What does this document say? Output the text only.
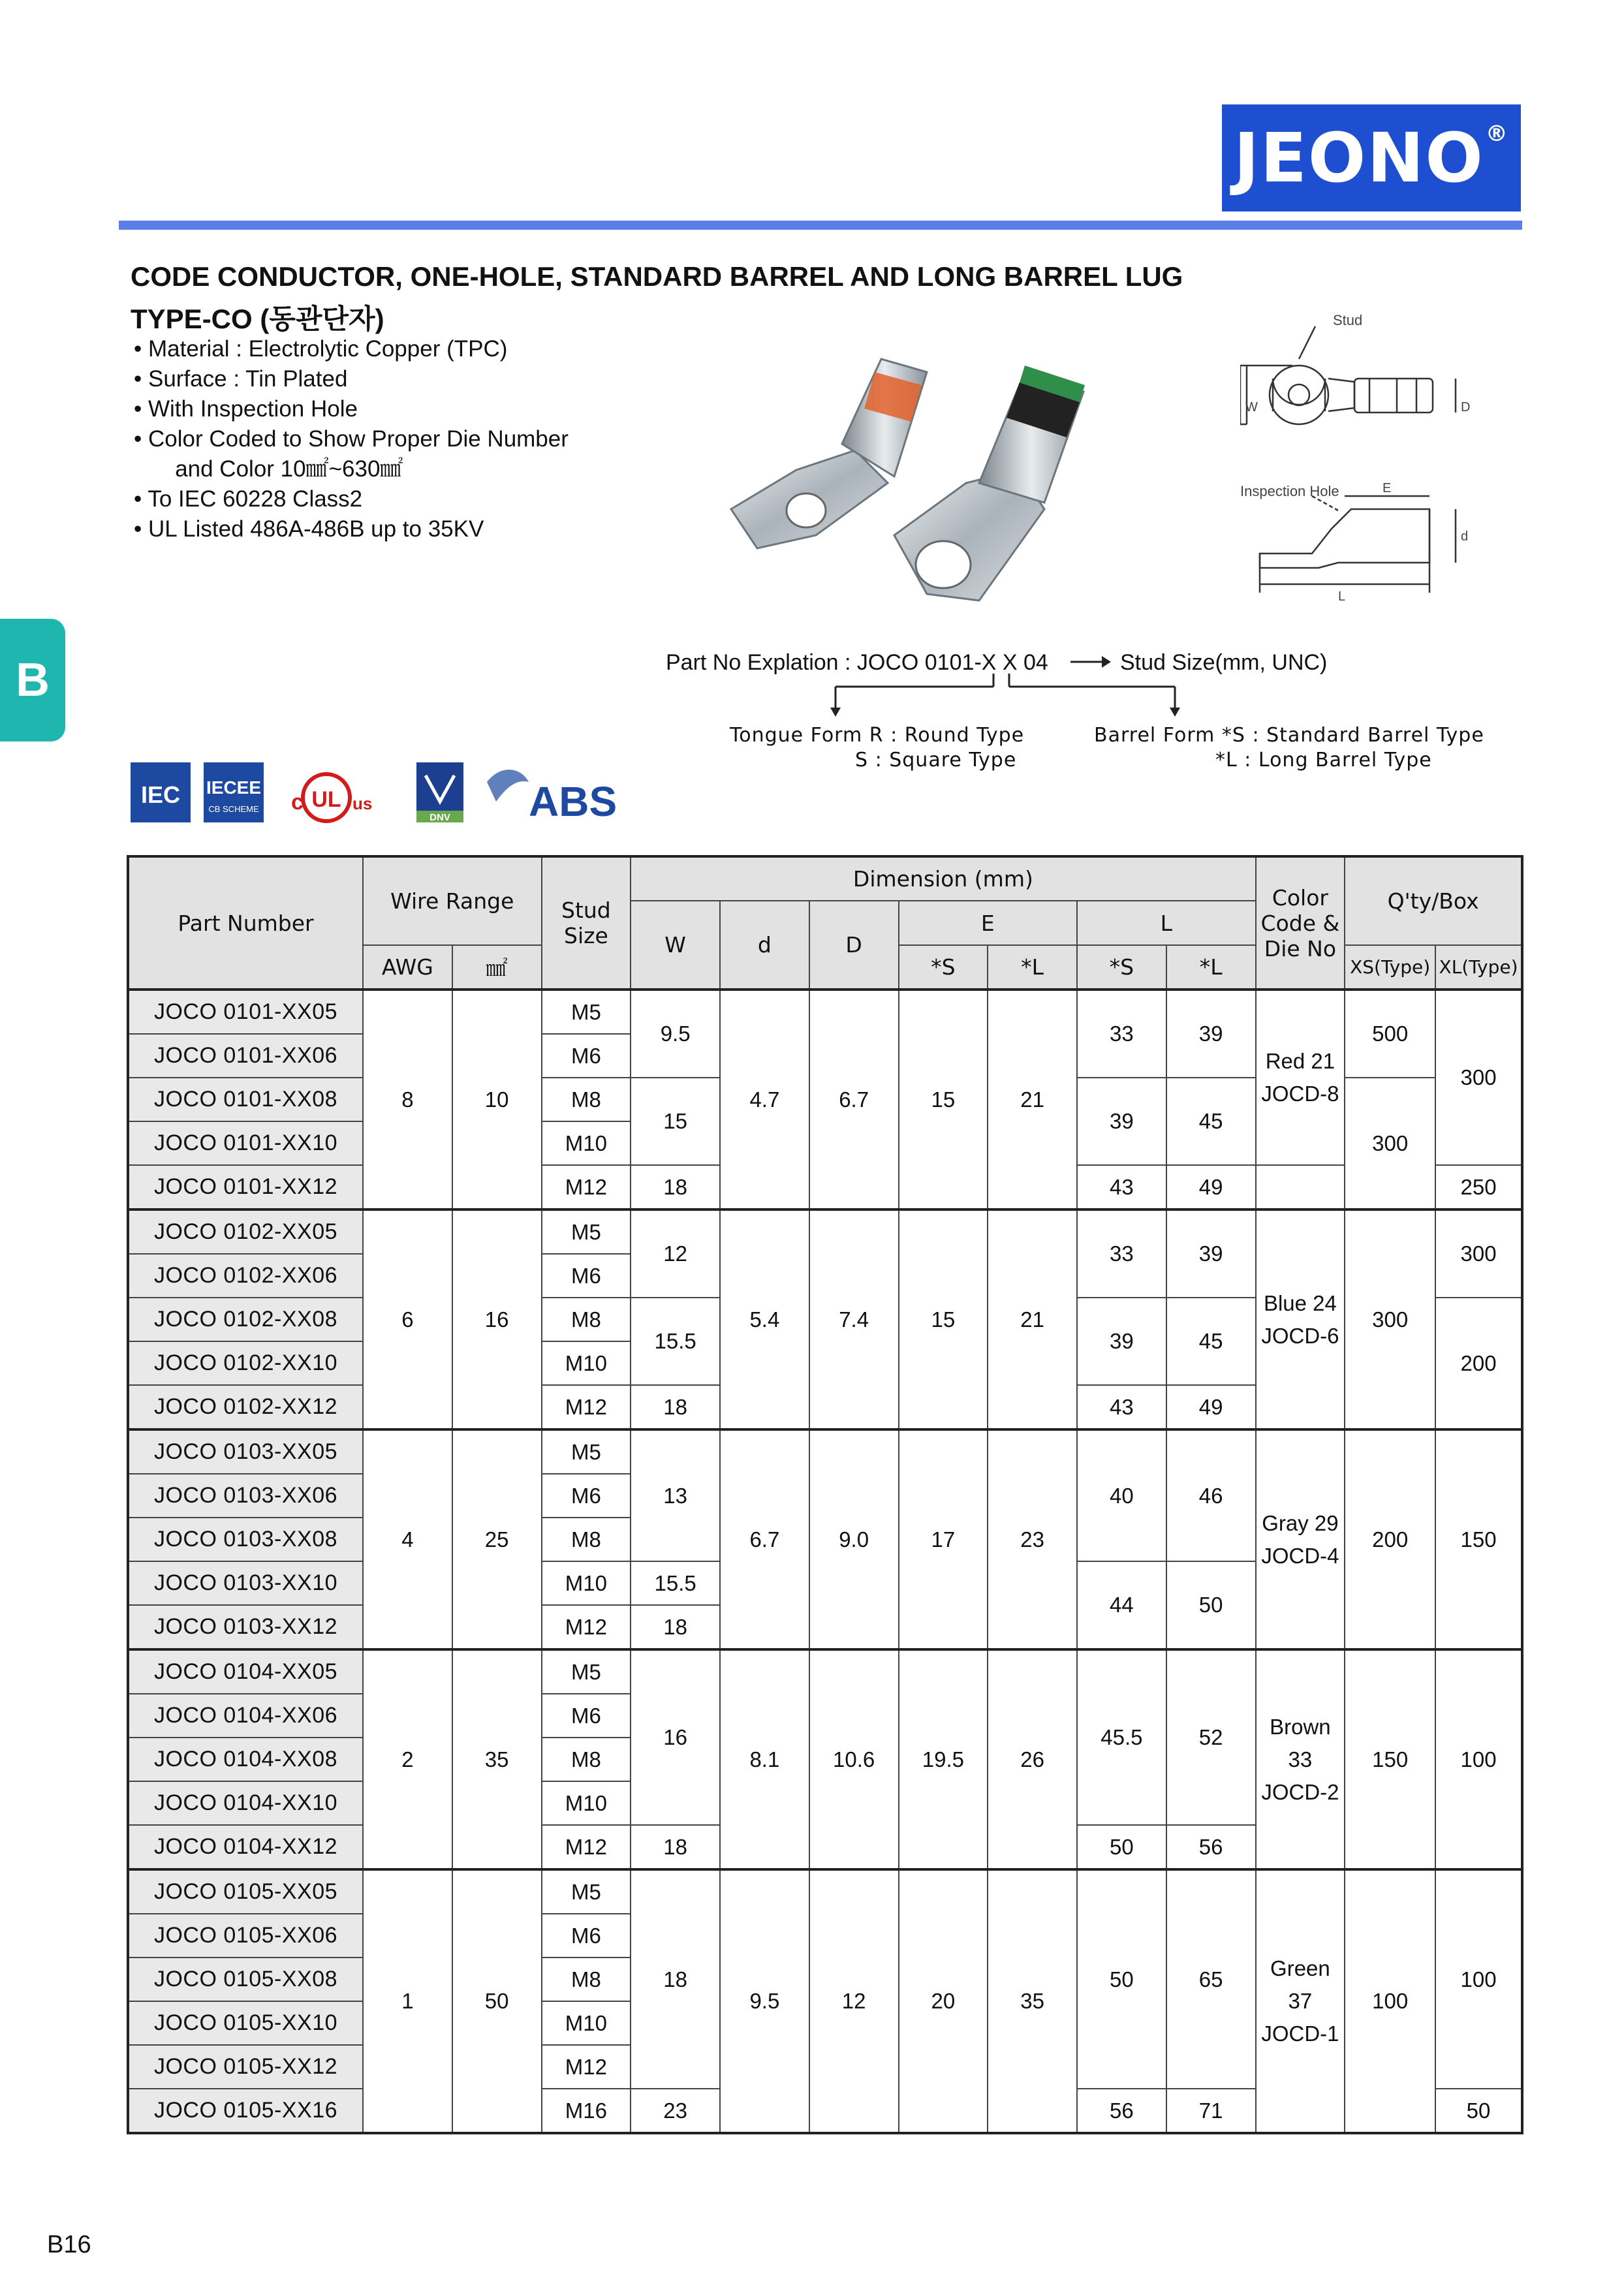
JEONO®
B
CODE CONDUCTOR, ONE-HOLE, STANDARD BARREL AND LONG BARREL LUG
TYPE-CO (동관단자)
• Material : Electrolytic Copper (TPC)
• Surface : Tin Plated
• With Inspection Hole
• Color Coded to Show Proper Die Number
and Color 10㎟~630㎟
• To IEC 60228 Class2
• UL Listed 486A-486B up to 35KV
Stud
W	D
Inspection Hole	E
d
L
Part No Explation : JOCO 0101-X X 04	Stud Size(mm, UNC)
Tongue Form R : Round Type
S : Square Type
Barrel Form *S : Standard Barrel Type
*L : Long Barrel Type
IEC IECEE
CB SCHEME c UL us
DNV ABS
Part Number	Wire Range		Stud Size	Dimension (mm)							Color Code & Die No	Q'ty/Box	
				W	d	D	E		L				
	AWG	㎟					*S	*L	*S	*L		XS(Type)	XL(Type)
JOCO 0101-XX05	8	10	M5	9.5	4.7	6.7	15	21	33	39	Red 21
JOCD-8	500	300
JOCO 0101-XX06			M6										
JOCO 0101-XX08			M8	15					39	45		300	
JOCO 0101-XX10			M10										
JOCO 0101-XX12			M12	18					43	49			250
JOCO 0102-XX05	6	16	M5	12	5.4	7.4	15	21	33	39	Blue 24
JOCD-6	300	300
JOCO 0102-XX06			M6										
JOCO 0102-XX08			M8	15.5					39	45			200
JOCO 0102-XX10			M10										
JOCO 0102-XX12			M12	18					43	49			
JOCO 0103-XX05	4	25	M5	13	6.7	9.0	17	23	40	46	Gray 29
JOCD-4	200	150
JOCO 0103-XX06			M6										
JOCO 0103-XX08			M8										
JOCO 0103-XX10			M10	15.5					44	50			
JOCO 0103-XX12			M12	18									
JOCO 0104-XX05	2	35	M5	16	8.1	10.6	19.5	26	45.5	52	Brown 33
JOCD-2	150	100
JOCO 0104-XX06			M6										
JOCO 0104-XX08			M8										
JOCO 0104-XX10			M10										
JOCO 0104-XX12			M12	18					50	56			
JOCO 0105-XX05	1	50	M5	18	9.5	12	20	35	50	65	Green 37
JOCD-1	100	100
JOCO 0105-XX06			M6										
JOCO 0105-XX08			M8										
JOCO 0105-XX10			M10										
JOCO 0105-XX12			M12										
JOCO 0105-XX16			M16	23					56	71			50
B16
